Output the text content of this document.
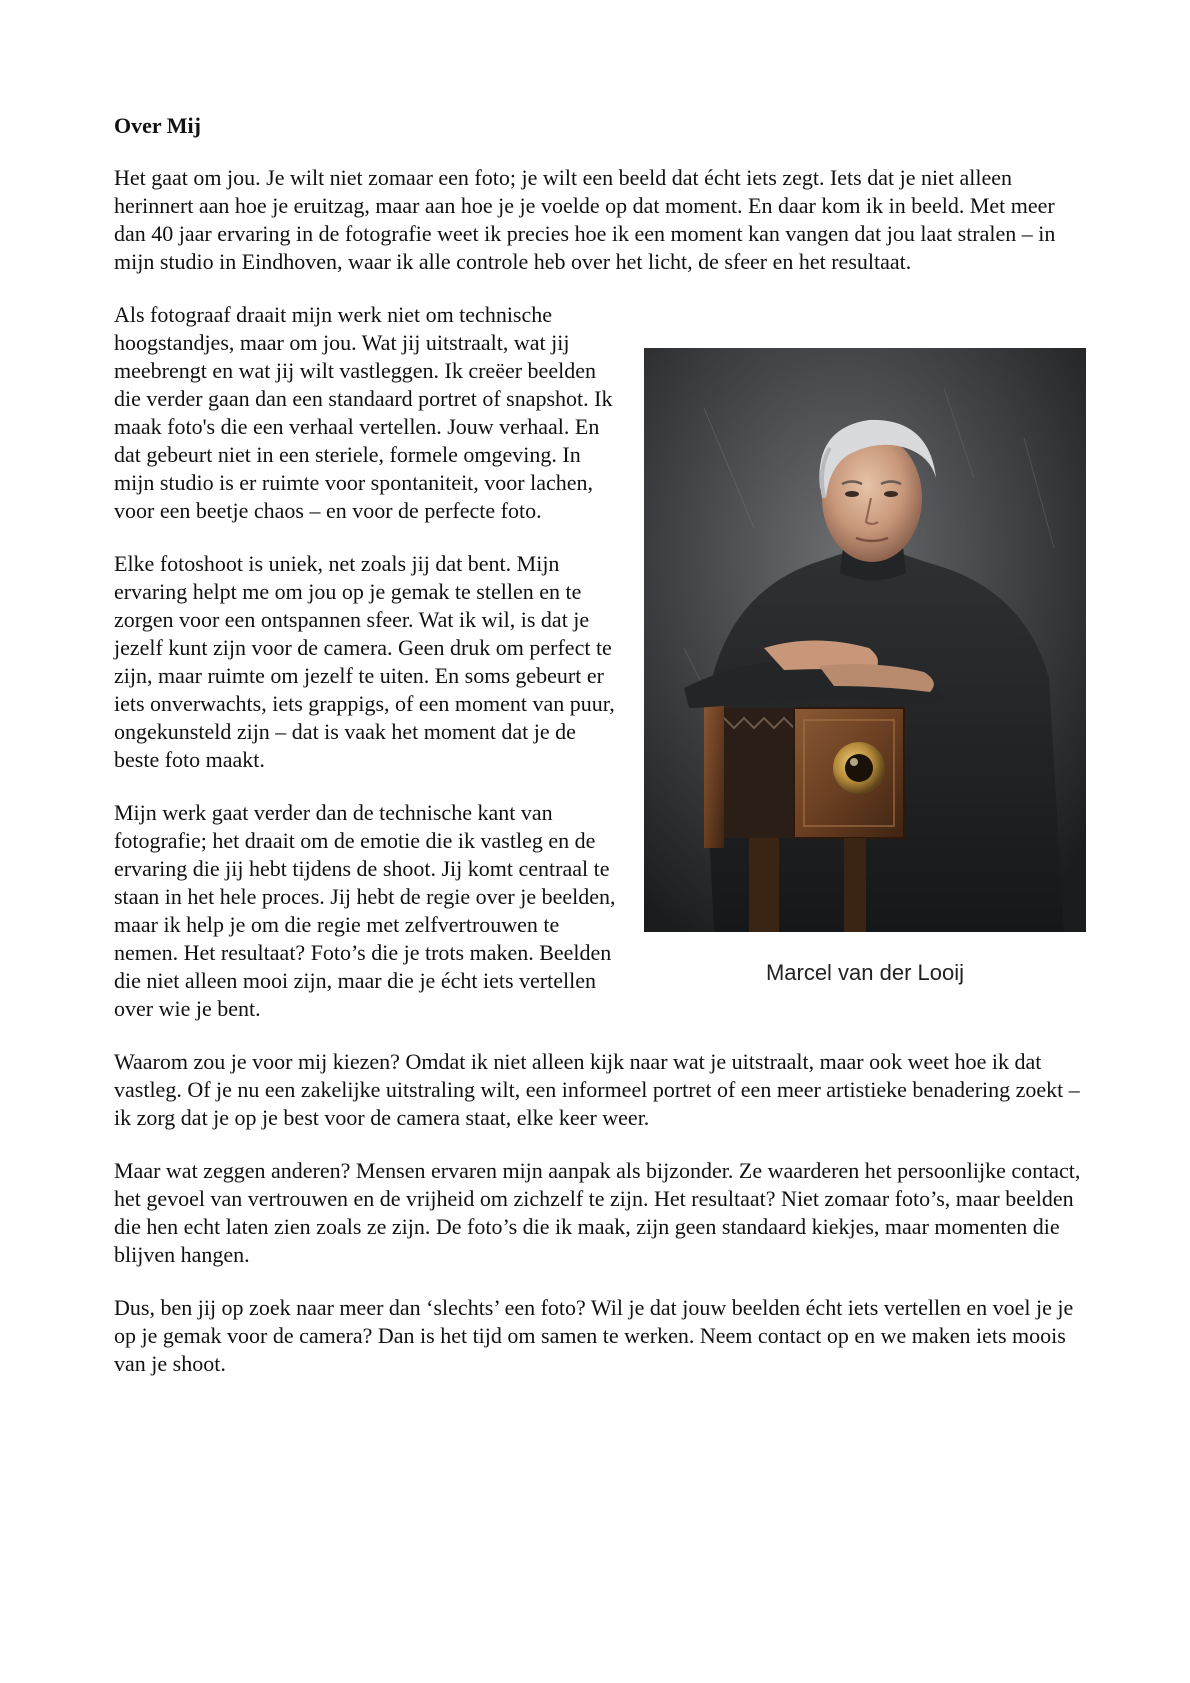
Over Mij

Het gaat om jou. Je wilt niet zomaar een foto; je wilt een beeld dat écht iets zegt. Iets dat je niet alleen herinnert aan hoe je eruitzag, maar aan hoe je je voelde op dat moment. En daar kom ik in beeld. Met meer dan 40 jaar ervaring in de fotografie weet ik precies hoe ik een moment kan vangen dat jou laat stralen – in mijn studio in Eindhoven, waar ik alle controle heb over het licht, de sfeer en het resultaat.

Marcel van der Looij

Als fotograaf draait mijn werk niet om technische hoogstandjes, maar om jou. Wat jij uitstraalt, wat jij meebrengt en wat jij wilt vastleggen. Ik creëer beelden die verder gaan dan een standaard portret of snapshot. Ik maak foto's die een verhaal vertellen. Jouw verhaal. En dat gebeurt niet in een steriele, formele omgeving. In mijn studio is er ruimte voor spontaniteit, voor lachen, voor een beetje chaos – en voor de perfecte foto.

Elke fotoshoot is uniek, net zoals jij dat bent. Mijn ervaring helpt me om jou op je gemak te stellen en te zorgen voor een ontspannen sfeer. Wat ik wil, is dat je jezelf kunt zijn voor de camera. Geen druk om perfect te zijn, maar ruimte om jezelf te uiten. En soms gebeurt er iets onverwachts, iets grappigs, of een moment van puur, ongekunsteld zijn – dat is vaak het moment dat je de beste foto maakt.

Mijn werk gaat verder dan de technische kant van fotografie; het draait om de emotie die ik vastleg en de ervaring die jij hebt tijdens de shoot. Jij komt centraal te staan in het hele proces. Jij hebt de regie over je beelden, maar ik help je om die regie met zelfvertrouwen te nemen. Het resultaat? Foto’s die je trots maken. Beelden die niet alleen mooi zijn, maar die je écht iets vertellen over wie je bent.

Waarom zou je voor mij kiezen? Omdat ik niet alleen kijk naar wat je uitstraalt, maar ook weet hoe ik dat vastleg. Of je nu een zakelijke uitstraling wilt, een informeel portret of een meer artistieke benadering zoekt – ik zorg dat je op je best voor de camera staat, elke keer weer.

Maar wat zeggen anderen? Mensen ervaren mijn aanpak als bijzonder. Ze waarderen het persoonlijke contact, het gevoel van vertrouwen en de vrijheid om zichzelf te zijn. Het resultaat? Niet zomaar foto’s, maar beelden die hen echt laten zien zoals ze zijn. De foto’s die ik maak, zijn geen standaard kiekjes, maar momenten die blijven hangen.

Dus, ben jij op zoek naar meer dan ‘slechts’ een foto? Wil je dat jouw beelden écht iets vertellen en voel je je op je gemak voor de camera? Dan is het tijd om samen te werken. Neem contact op en we maken iets moois van je shoot.
